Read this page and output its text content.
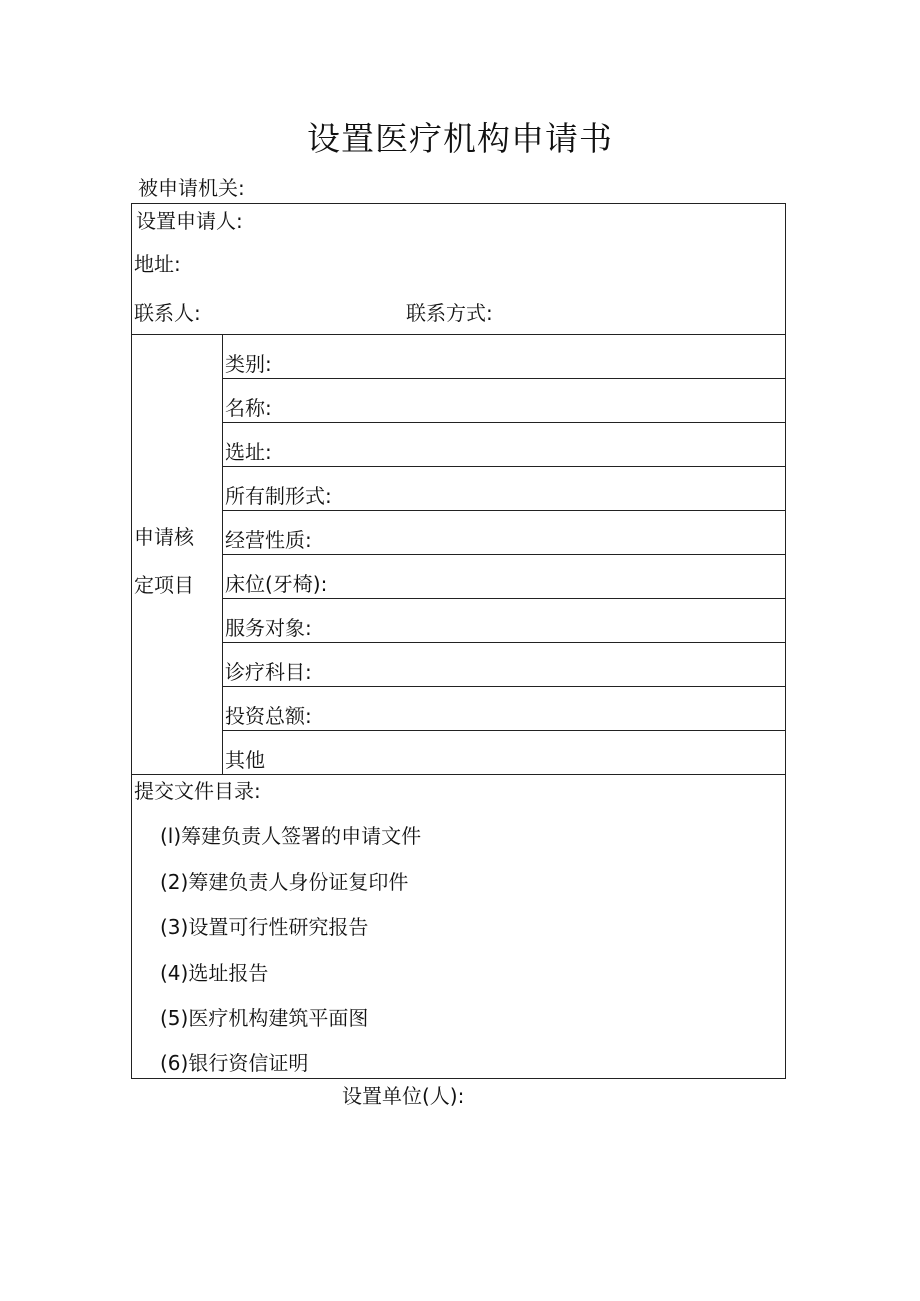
设置医疗机构申请书
被申请机关:
设置申请人:
地址:
联系人:	联系方式:
申请核
定项目
类别:
名称:
选址:
所有制形式:
经营性质:
床位(牙椅):
服务对象:
诊疗科目:
投资总额:
其他
提交文件目录:
(l)筹建负责人签署的申请文件
(2)筹建负责人身份证复印件
(3)设置可行性研究报告
(4)选址报告
(5)医疗机构建筑平面图
(6)银行资信证明
设置单位(人):
